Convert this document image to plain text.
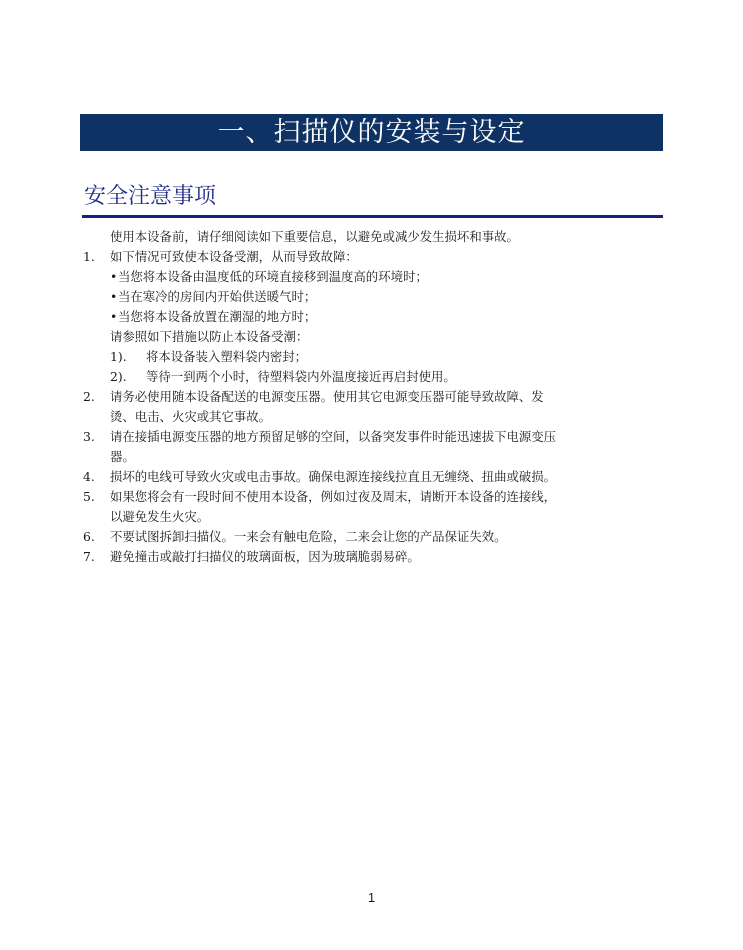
一、扫描仪的安装与设定
安全注意事项
使用本设备前，请仔细阅读如下重要信息，以避免或减少发生损坏和事故。
1. 如下情况可致使本设备受潮，从而导致故障：
• 当您将本设备由温度低的环境直接移到温度高的环境时；
• 当在寒冷的房间内开始供送暖气时；
• 当您将本设备放置在潮湿的地方时；
请参照如下措施以防止本设备受潮：
1). 将本设备装入塑料袋内密封；
2). 等待一到两个小时，待塑料袋内外温度接近再启封使用。
2. 请务必使用随本设备配送的电源变压器。使用其它电源变压器可能导致故障、发
烫、电击、火灾或其它事故。
3. 请在接插电源变压器的地方预留足够的空间，以备突发事件时能迅速拔下电源变压
器。
4. 损坏的电线可导致火灾或电击事故。确保电源连接线拉直且无缠绕、扭曲或破损。
5. 如果您将会有一段时间不使用本设备，例如过夜及周末，请断开本设备的连接线，
以避免发生火灾。
6. 不要试图拆卸扫描仪。一来会有触电危险，二来会让您的产品保证失效。
7. 避免撞击或敲打扫描仪的玻璃面板，因为玻璃脆弱易碎。
1
